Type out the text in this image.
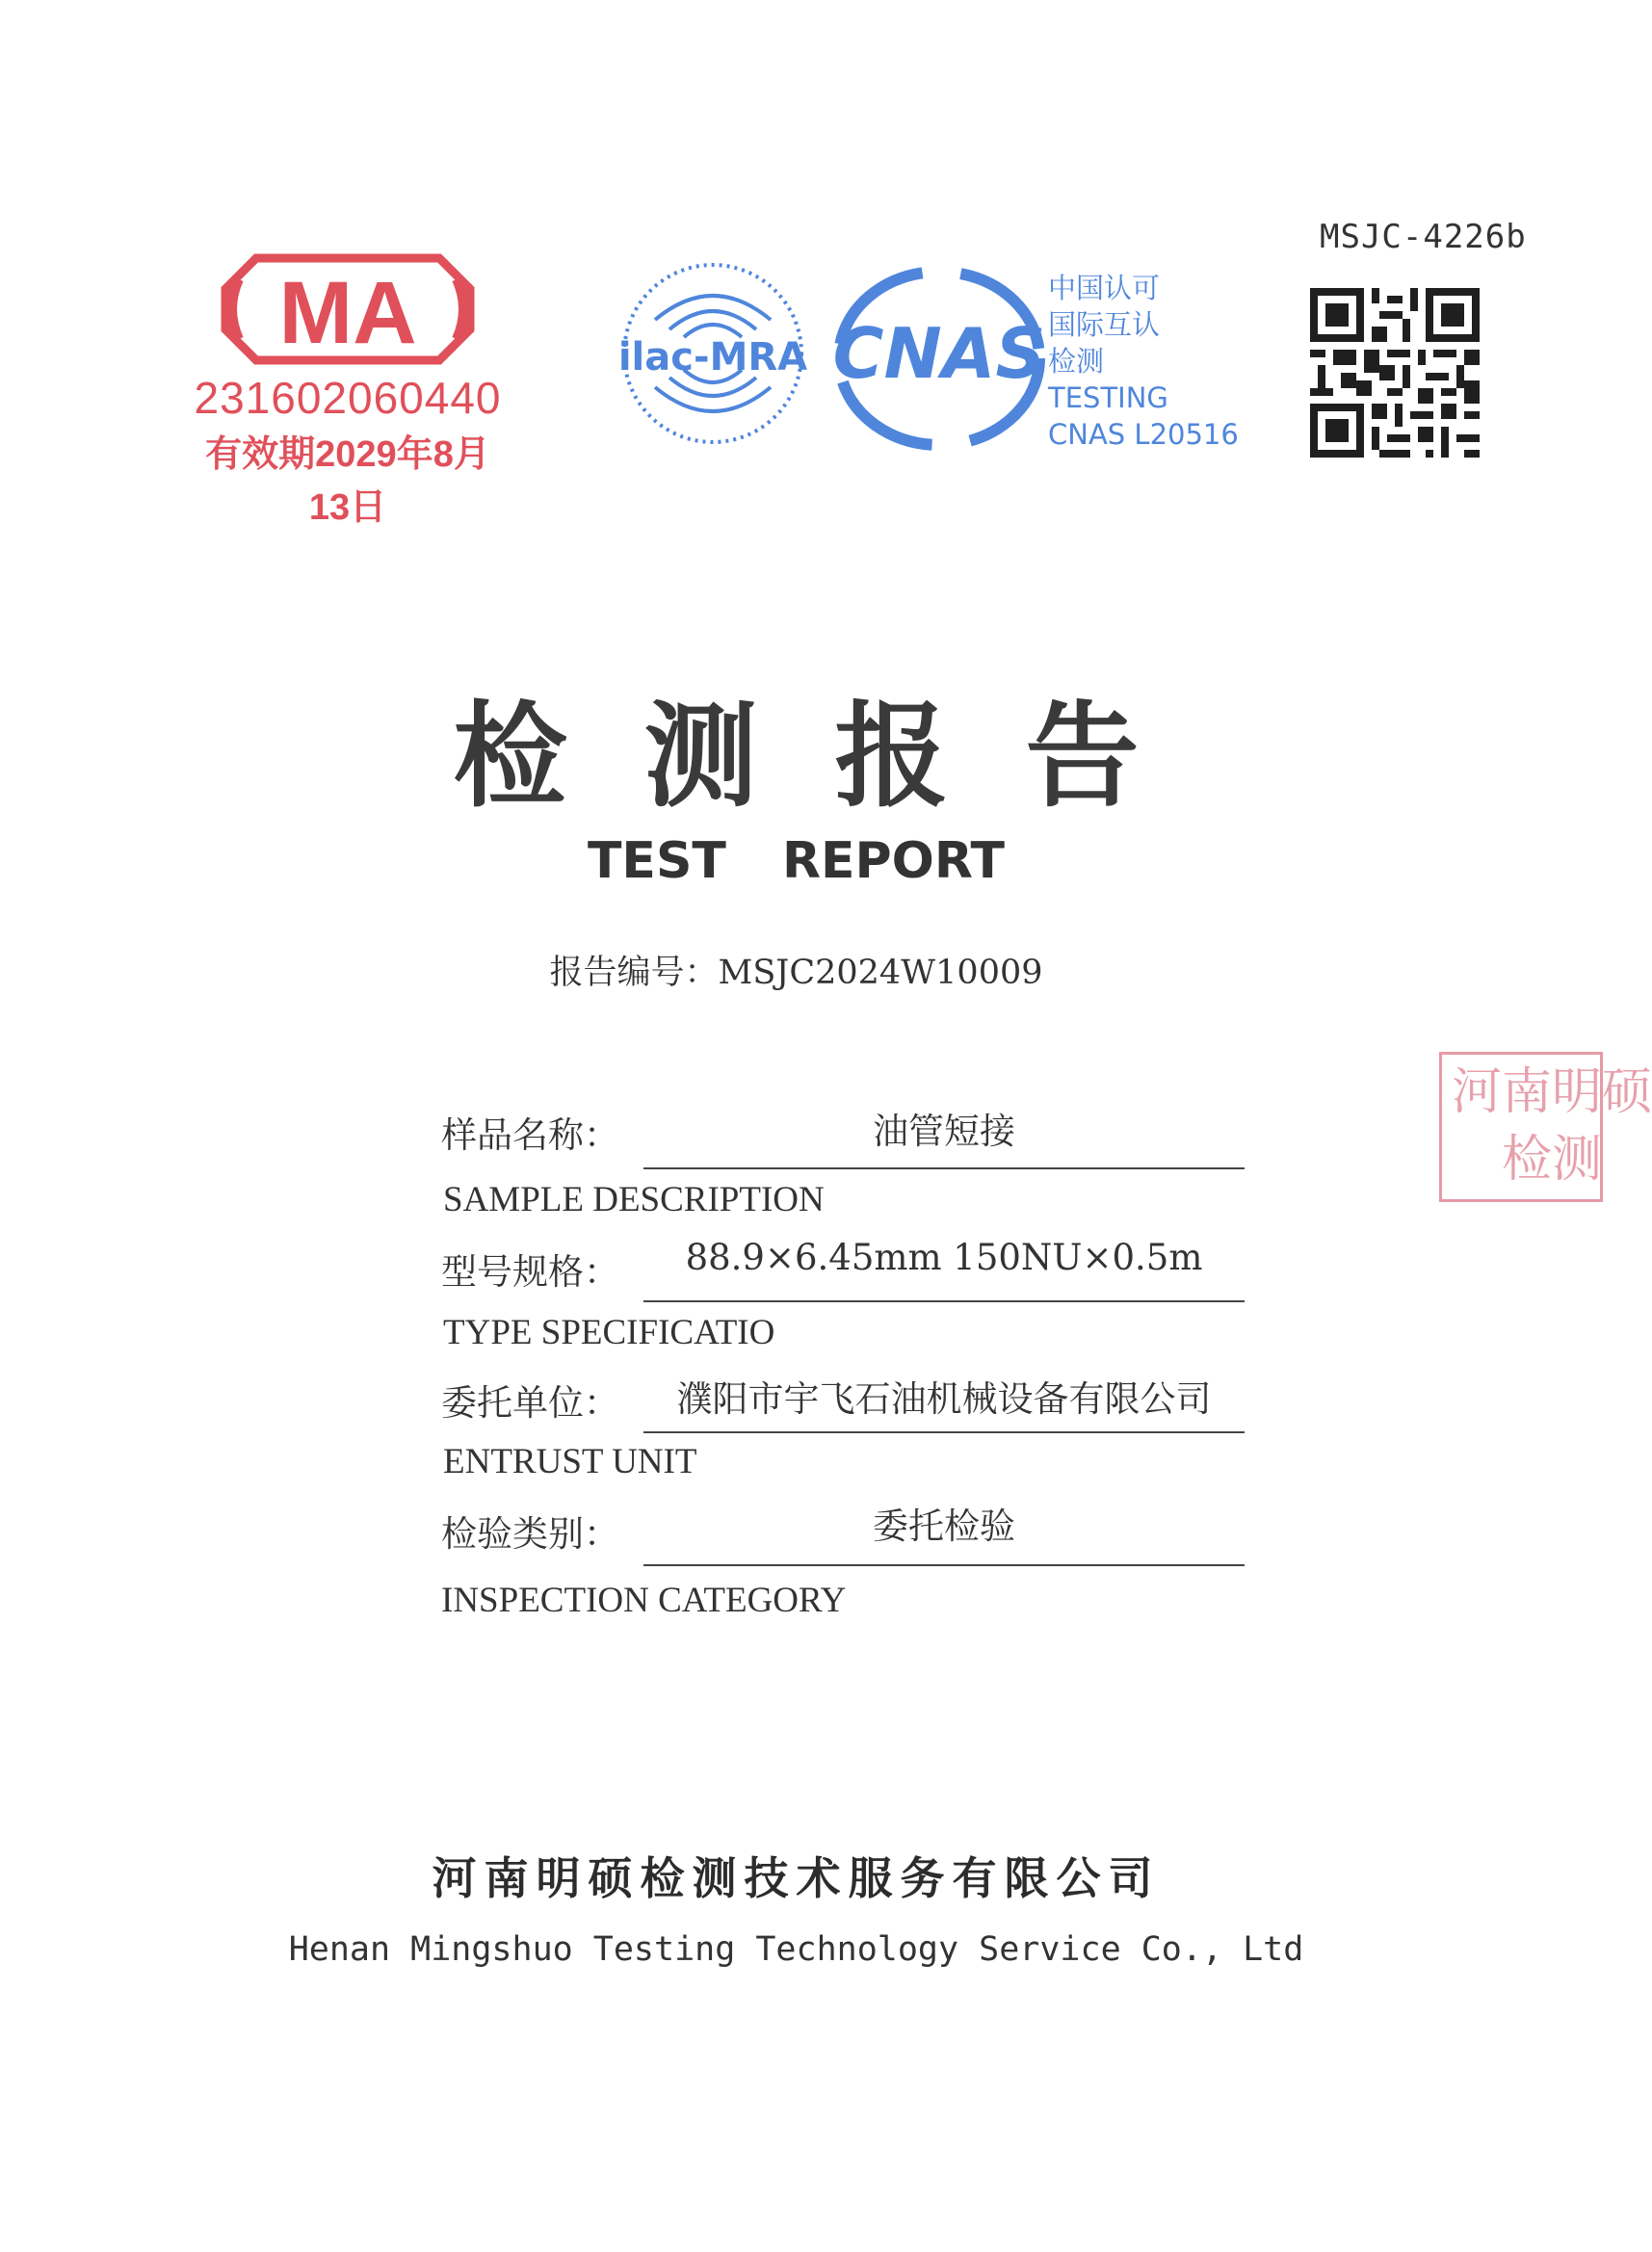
MSJC-4226b
MA
231602060440
有效期2029年8月13日
ilac-MRA CNAS
中国认可
国际互认
检测
TESTING
CNAS L20516
检测报告
TEST REPORT
报告编号：MSJC2024W10009
样品名称：	油管短接
SAMPLE DESCRIPTION
型号规格：	88.9×6.45mm 150NU×0.5m
TYPE SPECIFICATIO
委托单位：	濮阳市宇飞石油机械设备有限公司
ENTRUST UNIT
检验类别：	委托检验
INSPECTION CATEGORY
河南明硕检测技术服务有限公司
Henan Mingshuo Testing Technology Service Co., Ltd
河南明硕
检测
